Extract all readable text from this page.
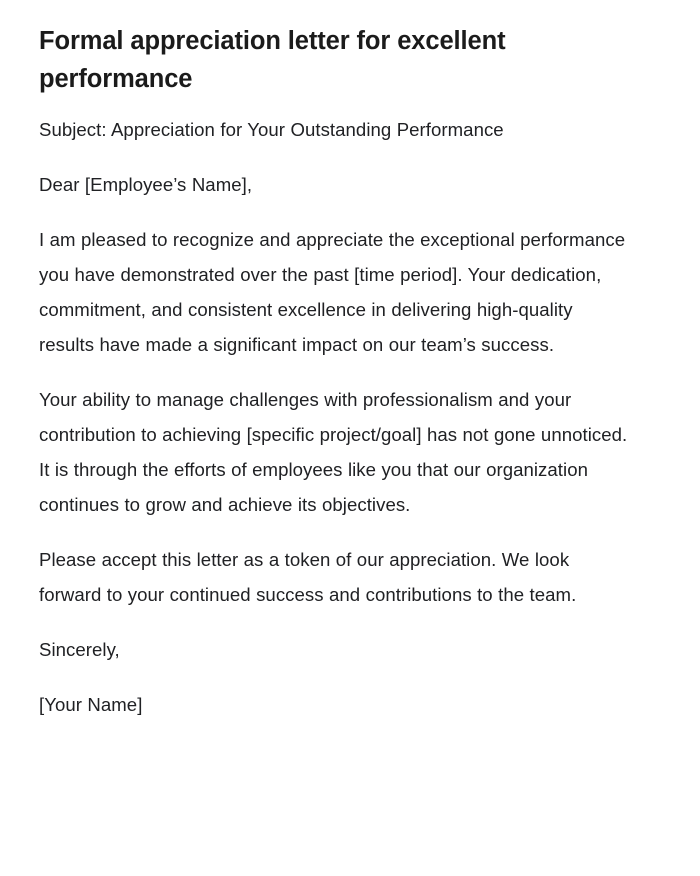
Formal appreciation letter for excellent performance

Subject: Appreciation for Your Outstanding Performance

Dear [Employee’s Name],

I am pleased to recognize and appreciate the exceptional performance you have demonstrated over the past [time period]. Your dedication, commitment, and consistent excellence in delivering high-quality results have made a significant impact on our team’s success.

Your ability to manage challenges with professionalism and your contribution to achieving [specific project/goal] has not gone unnoticed. It is through the efforts of employees like you that our organization continues to grow and achieve its objectives.

Please accept this letter as a token of our appreciation. We look forward to your continued success and contributions to the team.

Sincerely,

[Your Name]
